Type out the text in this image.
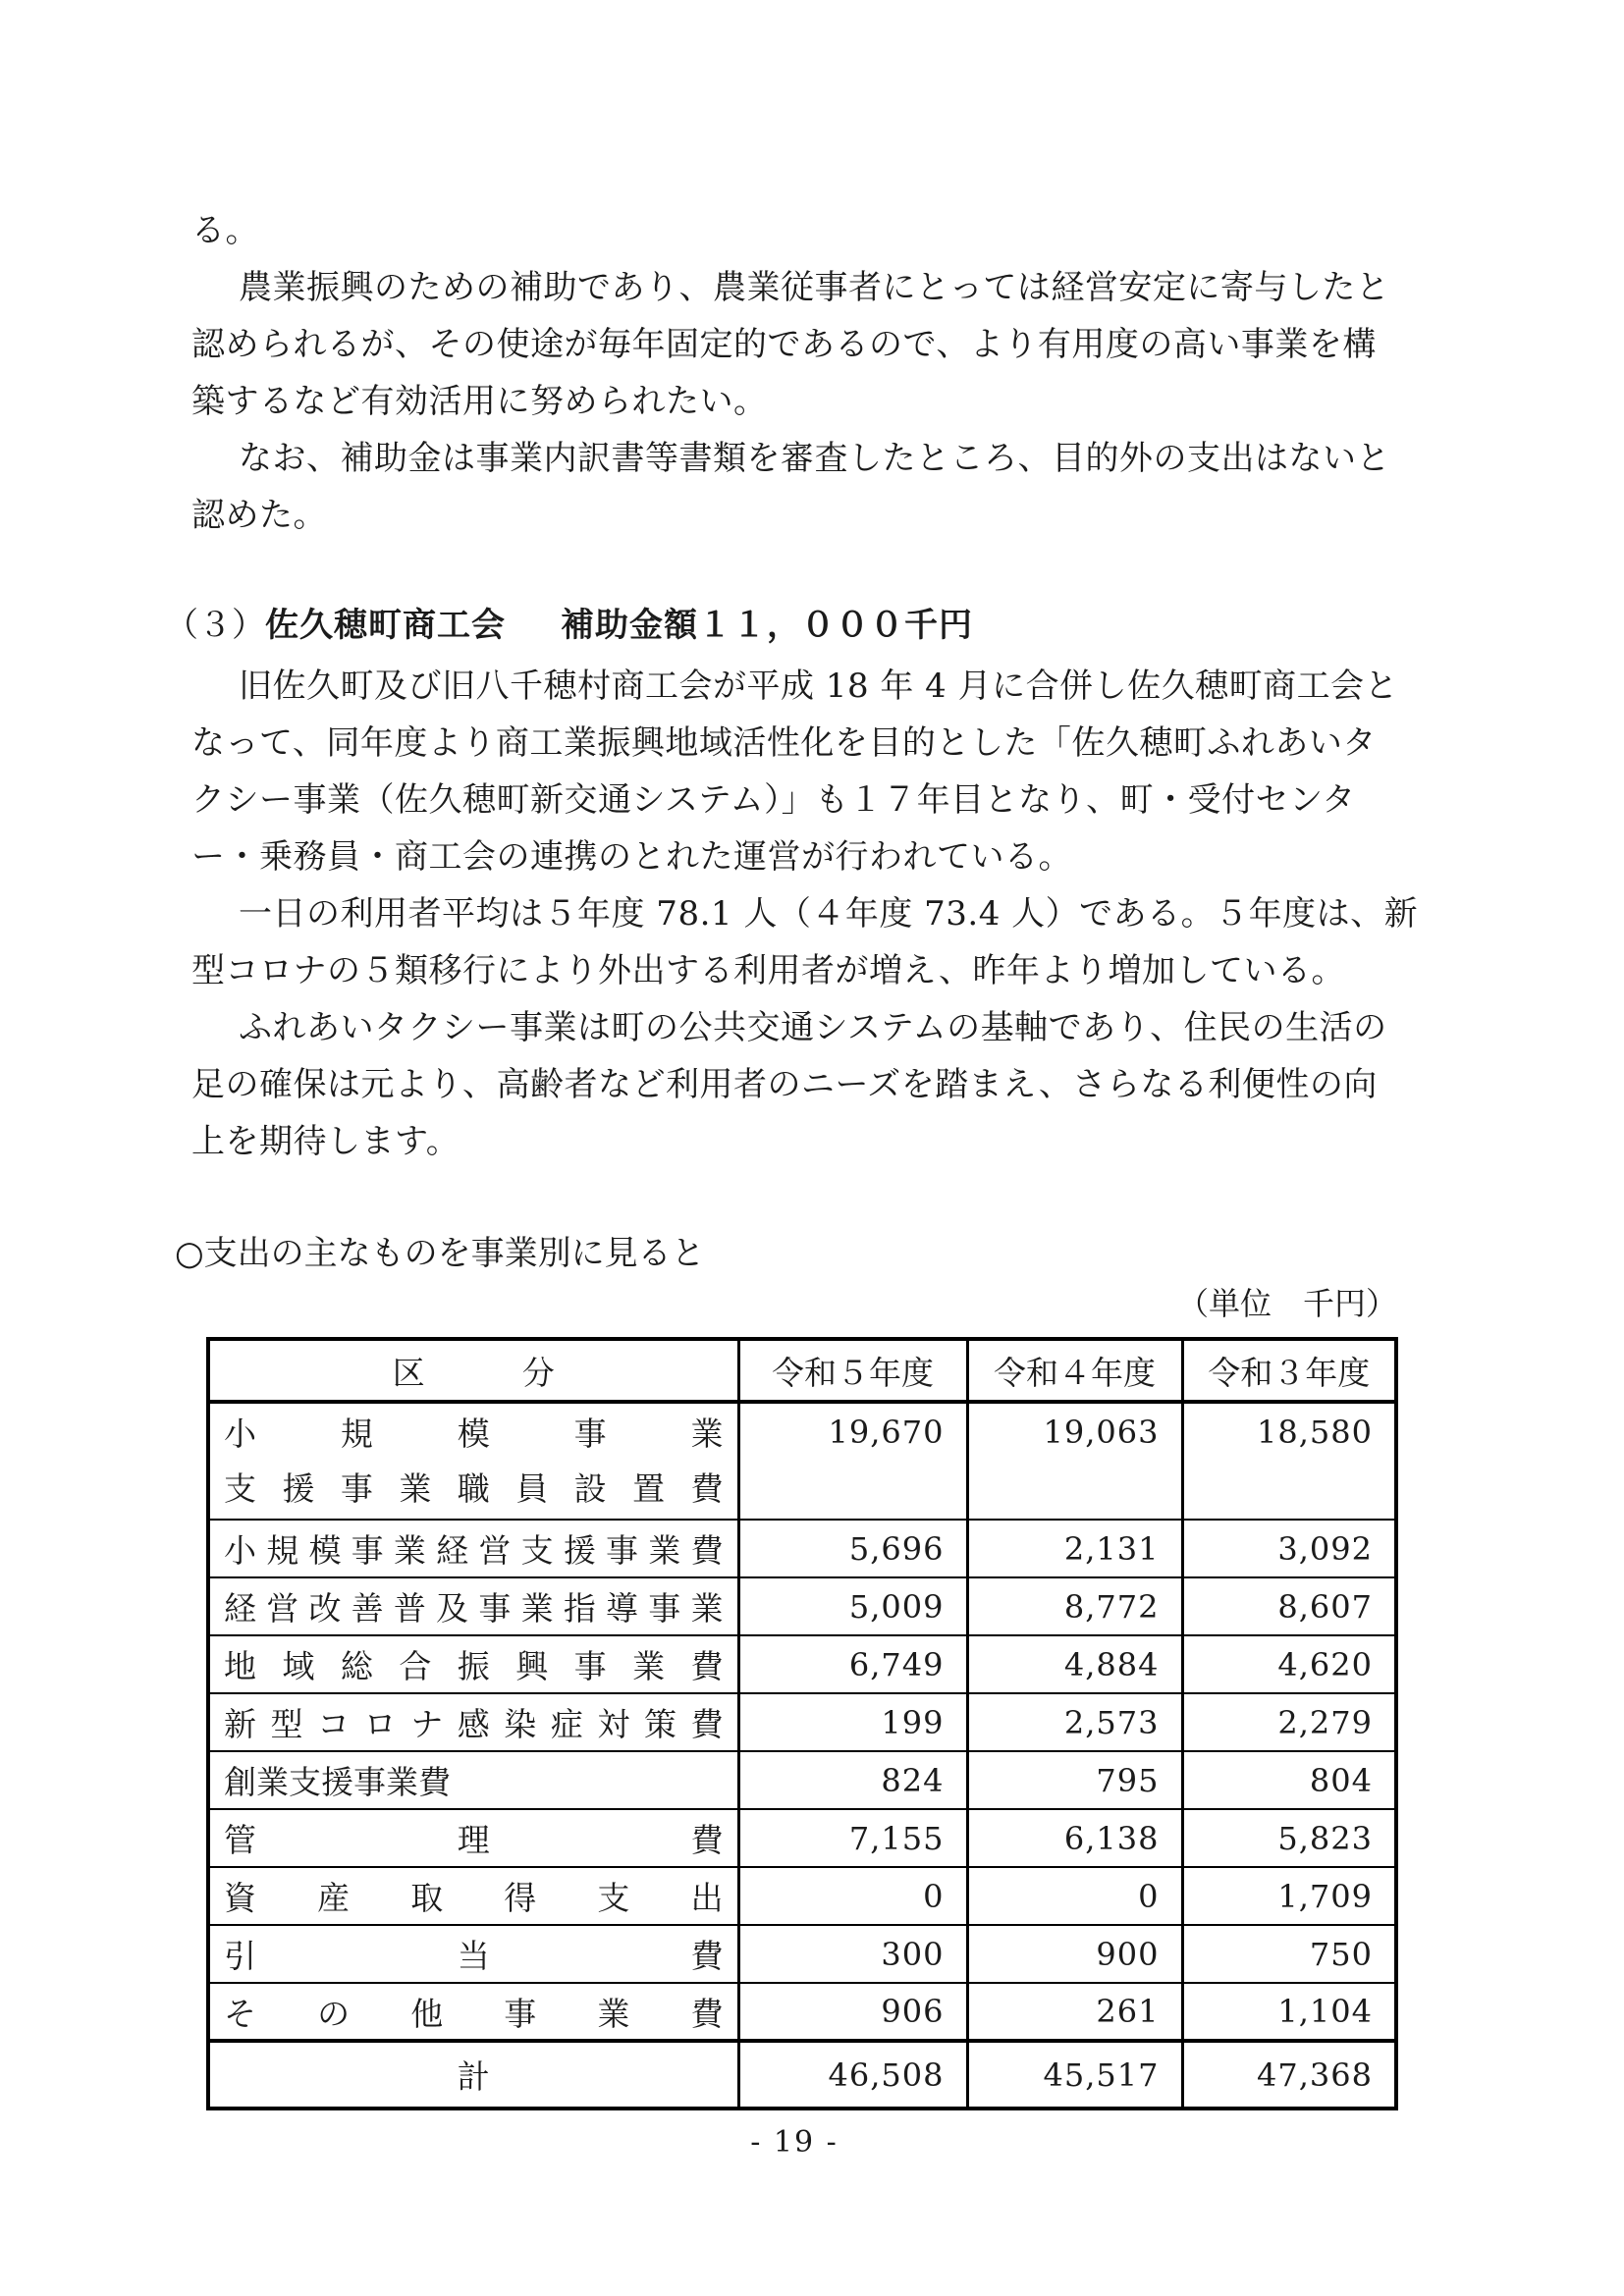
る。
農業振興のための補助であり、農業従事者にとっては経営安定に寄与したと
認められるが、その使途が毎年固定的であるので、より有用度の高い事業を構
築するなど有効活用に努められたい。
なお、補助金は事業内訳書等書類を審査したところ、目的外の支出はないと
認めた。
（３）佐久穂町商工会 補助金額１１，０００千円
旧佐久町及び旧八千穂村商工会が平成 18 年 4 月に合併し佐久穂町商工会と
なって、同年度より商工業振興地域活性化を目的とした「佐久穂町ふれあいタ
クシー事業（佐久穂町新交通システム）」も１７年目となり、町・受付センタ
ー・乗務員・商工会の連携のとれた運営が行われている。
一日の利用者平均は５年度 78.1 人（４年度 73.4 人）である。５年度は、新
型コロナの５類移行により外出する利用者が増え、昨年より増加している。
ふれあいタクシー事業は町の公共交通システムの基軸であり、住民の生活の
足の確保は元より、高齢者など利用者のニーズを踏まえ、さらなる利便性の向
上を期待します。
○支出の主なものを事業別に見ると
（単位　千円）
区　　　分	令和５年度	令和４年度	令和３年度

小規模事業
支援事業職員設置費	19,670	19,063	18,580
小規模事業経営支援事業費	5,696	2,131	3,092
経営改善普及事業指導事業	5,009	8,772	8,607
地域総合振興事業費	6,749	4,884	4,620
新型コロナ感染症対策費	199	2,573	2,279
創業支援事業費	824	795	804
管理費	7,155	6,138	5,823
資産取得支出	0	0	1,709
引当費	300	900	750
その他事業費	906	261	1,104
計	46,508	45,517	47,368
- 19 -
